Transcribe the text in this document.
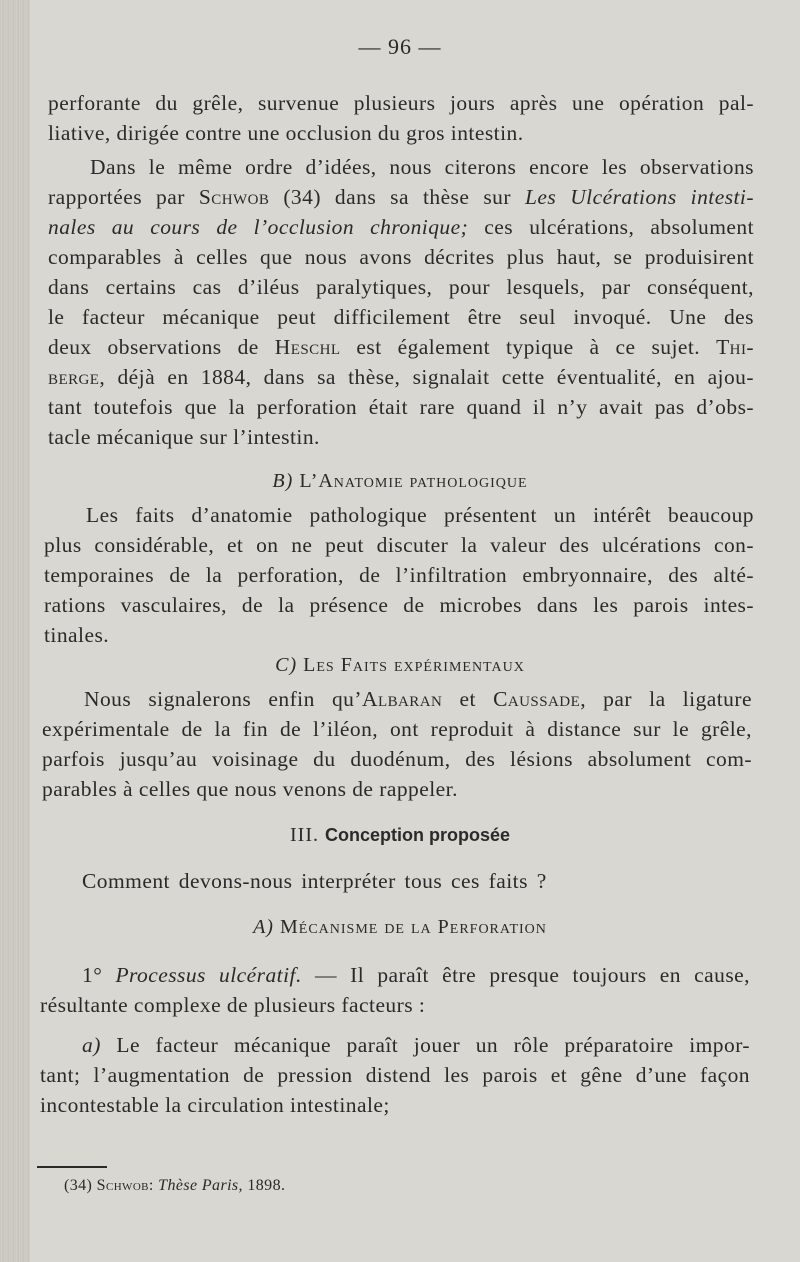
— 96 —
perforante du grêle, survenue plusieurs jours après une opération pal-
liative, dirigée contre une occlusion du gros intestin.
Dans le même ordre d’idées, nous citerons encore les observations
rapportées par Schwob (34) dans sa thèse sur Les Ulcérations intesti-
nales au cours de l’occlusion chronique; ces ulcérations, absolument
comparables à celles que nous avons décrites plus haut, se produisirent
dans certains cas d’iléus paralytiques, pour lesquels, par conséquent,
le facteur mécanique peut difficilement être seul invoqué. Une des
deux observations de Heschl est également typique à ce sujet. Thi-
berge, déjà en 1884, dans sa thèse, signalait cette éventualité, en ajou-
tant toutefois que la perforation était rare quand il n’y avait pas d’obs-
tacle mécanique sur l’intestin.
B) L’Anatomie pathologique
Les faits d’anatomie pathologique présentent un intérêt beaucoup
plus considérable, et on ne peut discuter la valeur des ulcérations con-
temporaines de la perforation, de l’infiltration embryonnaire, des alté-
rations vasculaires, de la présence de microbes dans les parois intes-
tinales.
C) Les Faits expérimentaux
Nous signalerons enfin qu’Albaran et Caussade, par la ligature
expérimentale de la fin de l’iléon, ont reproduit à distance sur le grêle,
parfois jusqu’au voisinage du duodénum, des lésions absolument com-
parables à celles que nous venons de rappeler.
III. Conception proposée
Comment devons-nous interpréter tous ces faits ?
A) Mécanisme de la Perforation
1° Processus ulcératif. — Il paraît être presque toujours en cause,
résultante complexe de plusieurs facteurs :
a) Le facteur mécanique paraît jouer un rôle préparatoire impor-
tant; l’augmentation de pression distend les parois et gêne d’une façon
incontestable la circulation intestinale;
(34) Schwob: Thèse Paris, 1898.
